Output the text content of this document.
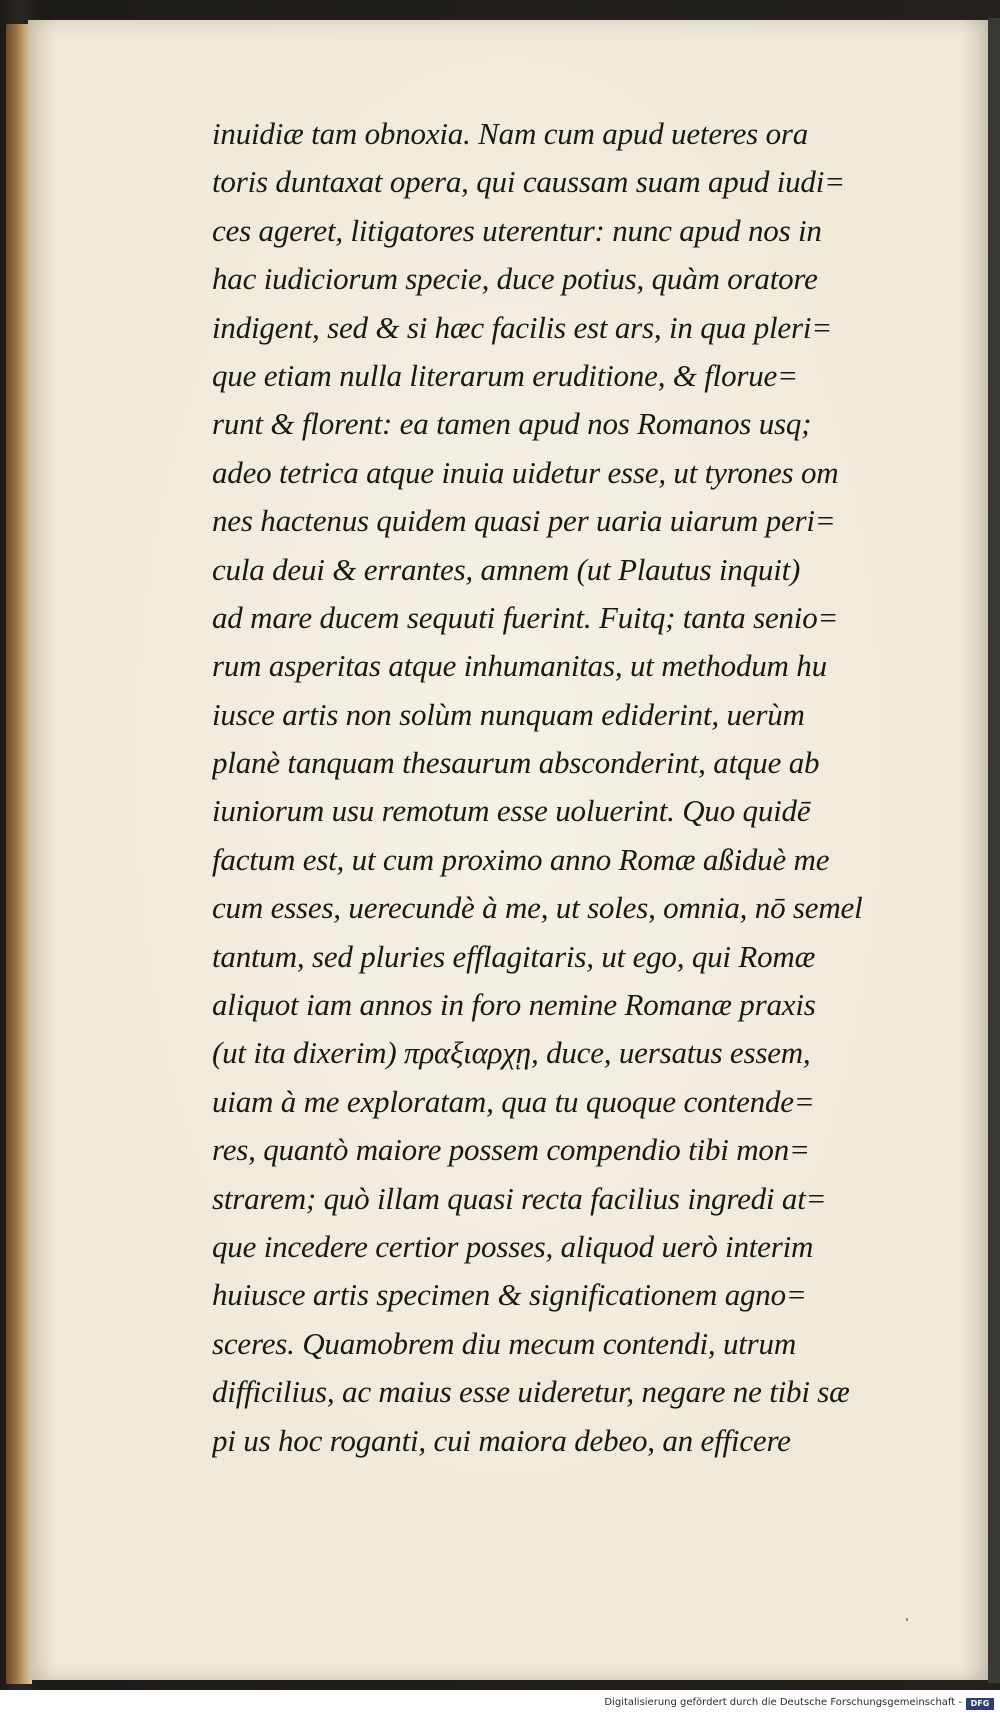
inuidiæ tam obnoxia. Nam cum apud ueteres ora
toris duntaxat opera, qui caussam suam apud iudi=
ces ageret, litigatores uterentur: nunc apud nos in
hac iudiciorum specie, duce potius, quàm oratore
indigent, sed & si hæc facilis est ars, in qua pleri=
que etiam nulla literarum eruditione, & floruе=
runt & florent: ea tamen apud nos Romanos usq;
adeo tetrica atque inuia uidetur esse, ut tyrones om
nes hactenus quidem quasi per uaria uiarum peri=
cula deui & errantes, amnem (ut Plautus inquit)
ad mare ducem sequuti fuerint. Fuitq; tanta senio=
rum asperitas atque inhumanitas, ut methodum hu
iusce artis non solùm nunquam ediderint, uerùm
planè tanquam thesaurum absconderint, atque ab
iuniorum usu remotum esse uoluerint. Quo quidē
factum est, ut cum proximo anno Romæ aßiduè me
cum esses, uerecundè à me, ut soles, omnia, nō semel
tantum, sed pluries efflagitaris, ut ego, qui Romæ
aliquot iam annos in foro nemine Romanæ praxis
(ut ita dixerim) πραξιαρχῃ, duce, uersatus essem,
uiam à me exploratam, qua tu quoque contende=
res, quantò maiore possem compendio tibi mon=
strarem; quò illam quasi recta facilius ingredi at=
que incedere certior posses, aliquod uerò interim
huiusce artis specimen & significationem agno=
sceres. Quamobrem diu mecum contendi, utrum
difficilius, ac maius esse uideretur, negare ne tibi sæ
pi us hoc roganti, cui maiora debeo, an efficere
Digitalisierung gefördert durch die Deutsche Forschungsgemeinschaft -	DFG
